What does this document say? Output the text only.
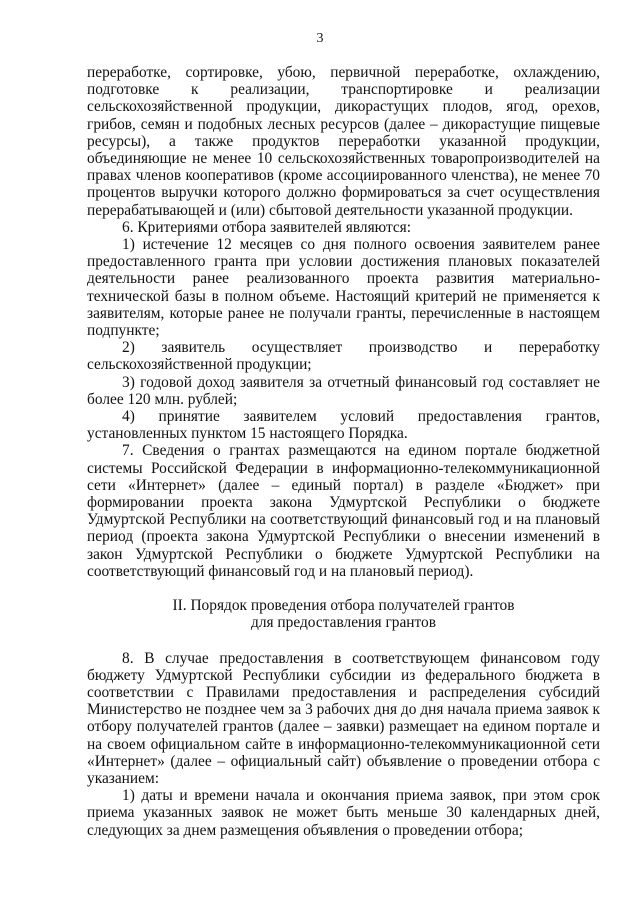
3

переработке, сортировке, убою, первичной переработке, охлаждению, подготовке к реализации, транспортировке и реализации сельскохозяйственной продукции, дикорастущих плодов, ягод, орехов, грибов, семян и подобных лесных ресурсов (далее – дикорастущие пищевые ресурсы), а также продуктов переработки указанной продукции, объединяющие не менее 10 сельскохозяйственных товаропроизводителей на правах членов кооперативов (кроме ассоциированного членства), не менее 70 процентов выручки которого должно формироваться за счет осуществления перерабатывающей и (или) сбытовой деятельности указанной продукции.

6. Критериями отбора заявителей являются:

1) истечение 12 месяцев со дня полного освоения заявителем ранее предоставленного гранта при условии достижения плановых показателей деятельности ранее реализованного проекта развития материально-технической базы в полном объеме. Настоящий критерий не применяется к заявителям, которые ранее не получали гранты, перечисленные в настоящем подпункте;

2) заявитель осуществляет производство и переработку сельскохозяйственной продукции;

3) годовой доход заявителя за отчетный финансовый год составляет не более 120 млн. рублей;

4) принятие заявителем условий предоставления грантов, установленных пунктом 15 настоящего Порядка.

7. Сведения о грантах размещаются на едином портале бюджетной системы Российской Федерации в информационно-телекоммуникационной сети «Интернет» (далее – единый портал) в разделе «Бюджет» при формировании проекта закона Удмуртской Республики о бюджете Удмуртской Республики на соответствующий финансовый год и на плановый период (проекта закона Удмуртской Республики о внесении изменений в закон Удмуртской Республики о бюджете Удмуртской Республики на соответствующий финансовый год и на плановый период).

II. Порядок проведения отбора получателей грантов

для предоставления грантов

8. В случае предоставления в соответствующем финансовом году бюджету Удмуртской Республики субсидии из федерального бюджета в соответствии с Правилами предоставления и распределения субсидий Министерство не позднее чем за 3 рабочих дня до дня начала приема заявок к отбору получателей грантов (далее – заявки) размещает на едином портале и на своем официальном сайте в информационно-телекоммуникационной сети «Интернет» (далее – официальный сайт) объявление о проведении отбора с указанием:

1) даты и времени начала и окончания приема заявок, при этом срок приема указанных заявок не может быть меньше 30 календарных дней, следующих за днем размещения объявления о проведении отбора;
